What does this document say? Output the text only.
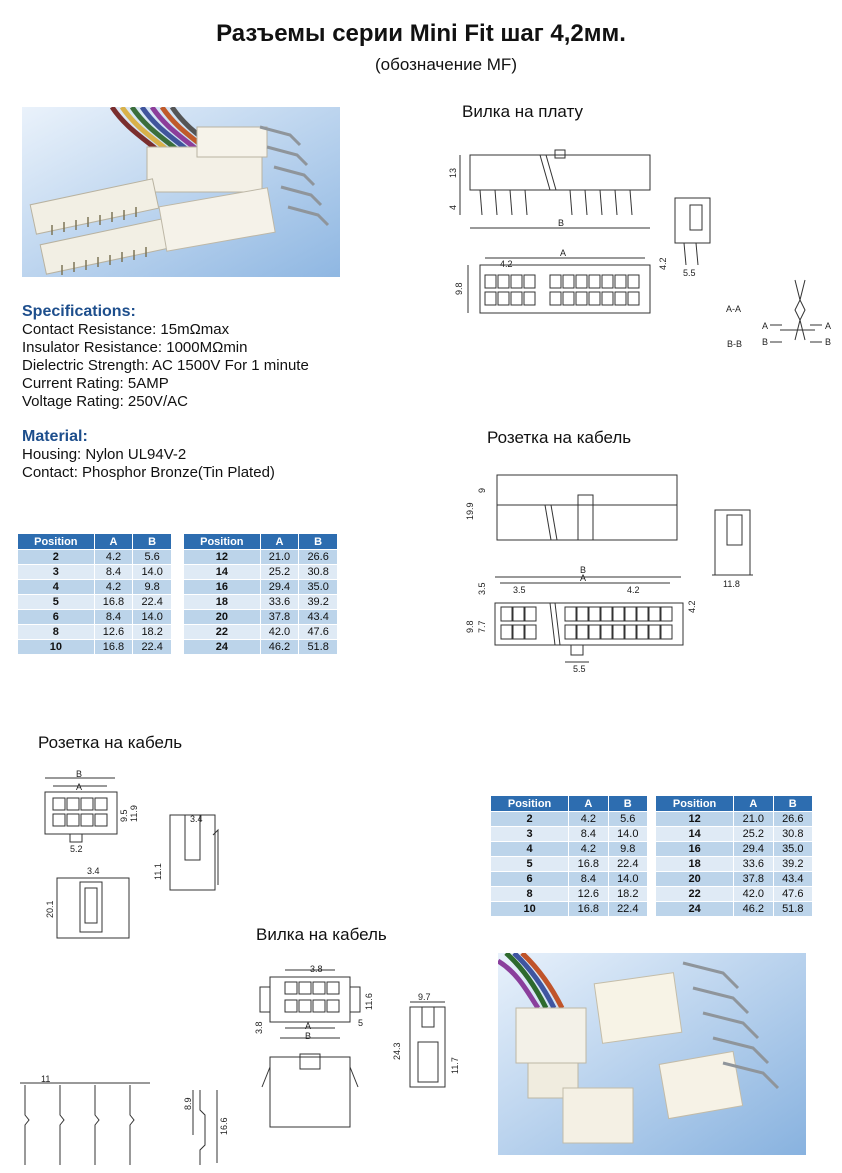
Разъемы серии Mini Fit шаг 4,2мм.
(обозначение MF)
Specifications:
Contact Resistance: 15mΩmax
Insulator Resistance: 1000MΩmin
Dielectric Strength: AC 1500V For 1 minute
Current Rating: 5AMP
Voltage Rating: 250V/AC
Material:
Housing: Nylon UL94V-2
Contact: Phosphor Bronze(Tin Plated)
Position	A	B
2	4.2	5.6
3	8.4	14.0
4	4.2	9.8
5	16.8	22.4
6	8.4	14.0
8	12.6	18.2
10	16.8	22.4
Position	A	B
12	21.0	26.6
14	25.2	30.8
16	29.4	35.0
18	33.6	39.2
20	37.8	43.4
22	42.0	47.6
24	46.2	51.8
Вилка на плату
Розетка на кабель
Розетка на кабель
Вилка на кабель
13
4
B
A
4.2	4.2
9.8
5.5
A-A
B-B
A	A
B	B
19.9
9
11.8
B
A
3.5	3.5	4.2
4.2
9.8 7.7
5.5
Position	A	B
2	4.2	5.6
3	8.4	14.0
4	4.2	9.8
5	16.8	22.4
6	8.4	14.0
8	12.6	18.2
10	16.8	22.4
Position	A	B
12	21.0	26.6
14	25.2	30.8
16	29.4	35.0
18	33.6	39.2
20	37.8	43.4
22	42.0	47.6
24	46.2	51.8
B
A
9.5 11.9
5.2
3.4
11.1
3.4
20.1
3.8
3.8
11.6
5
A
B
9.7
24.3
11.7
11
8.9
16.6
